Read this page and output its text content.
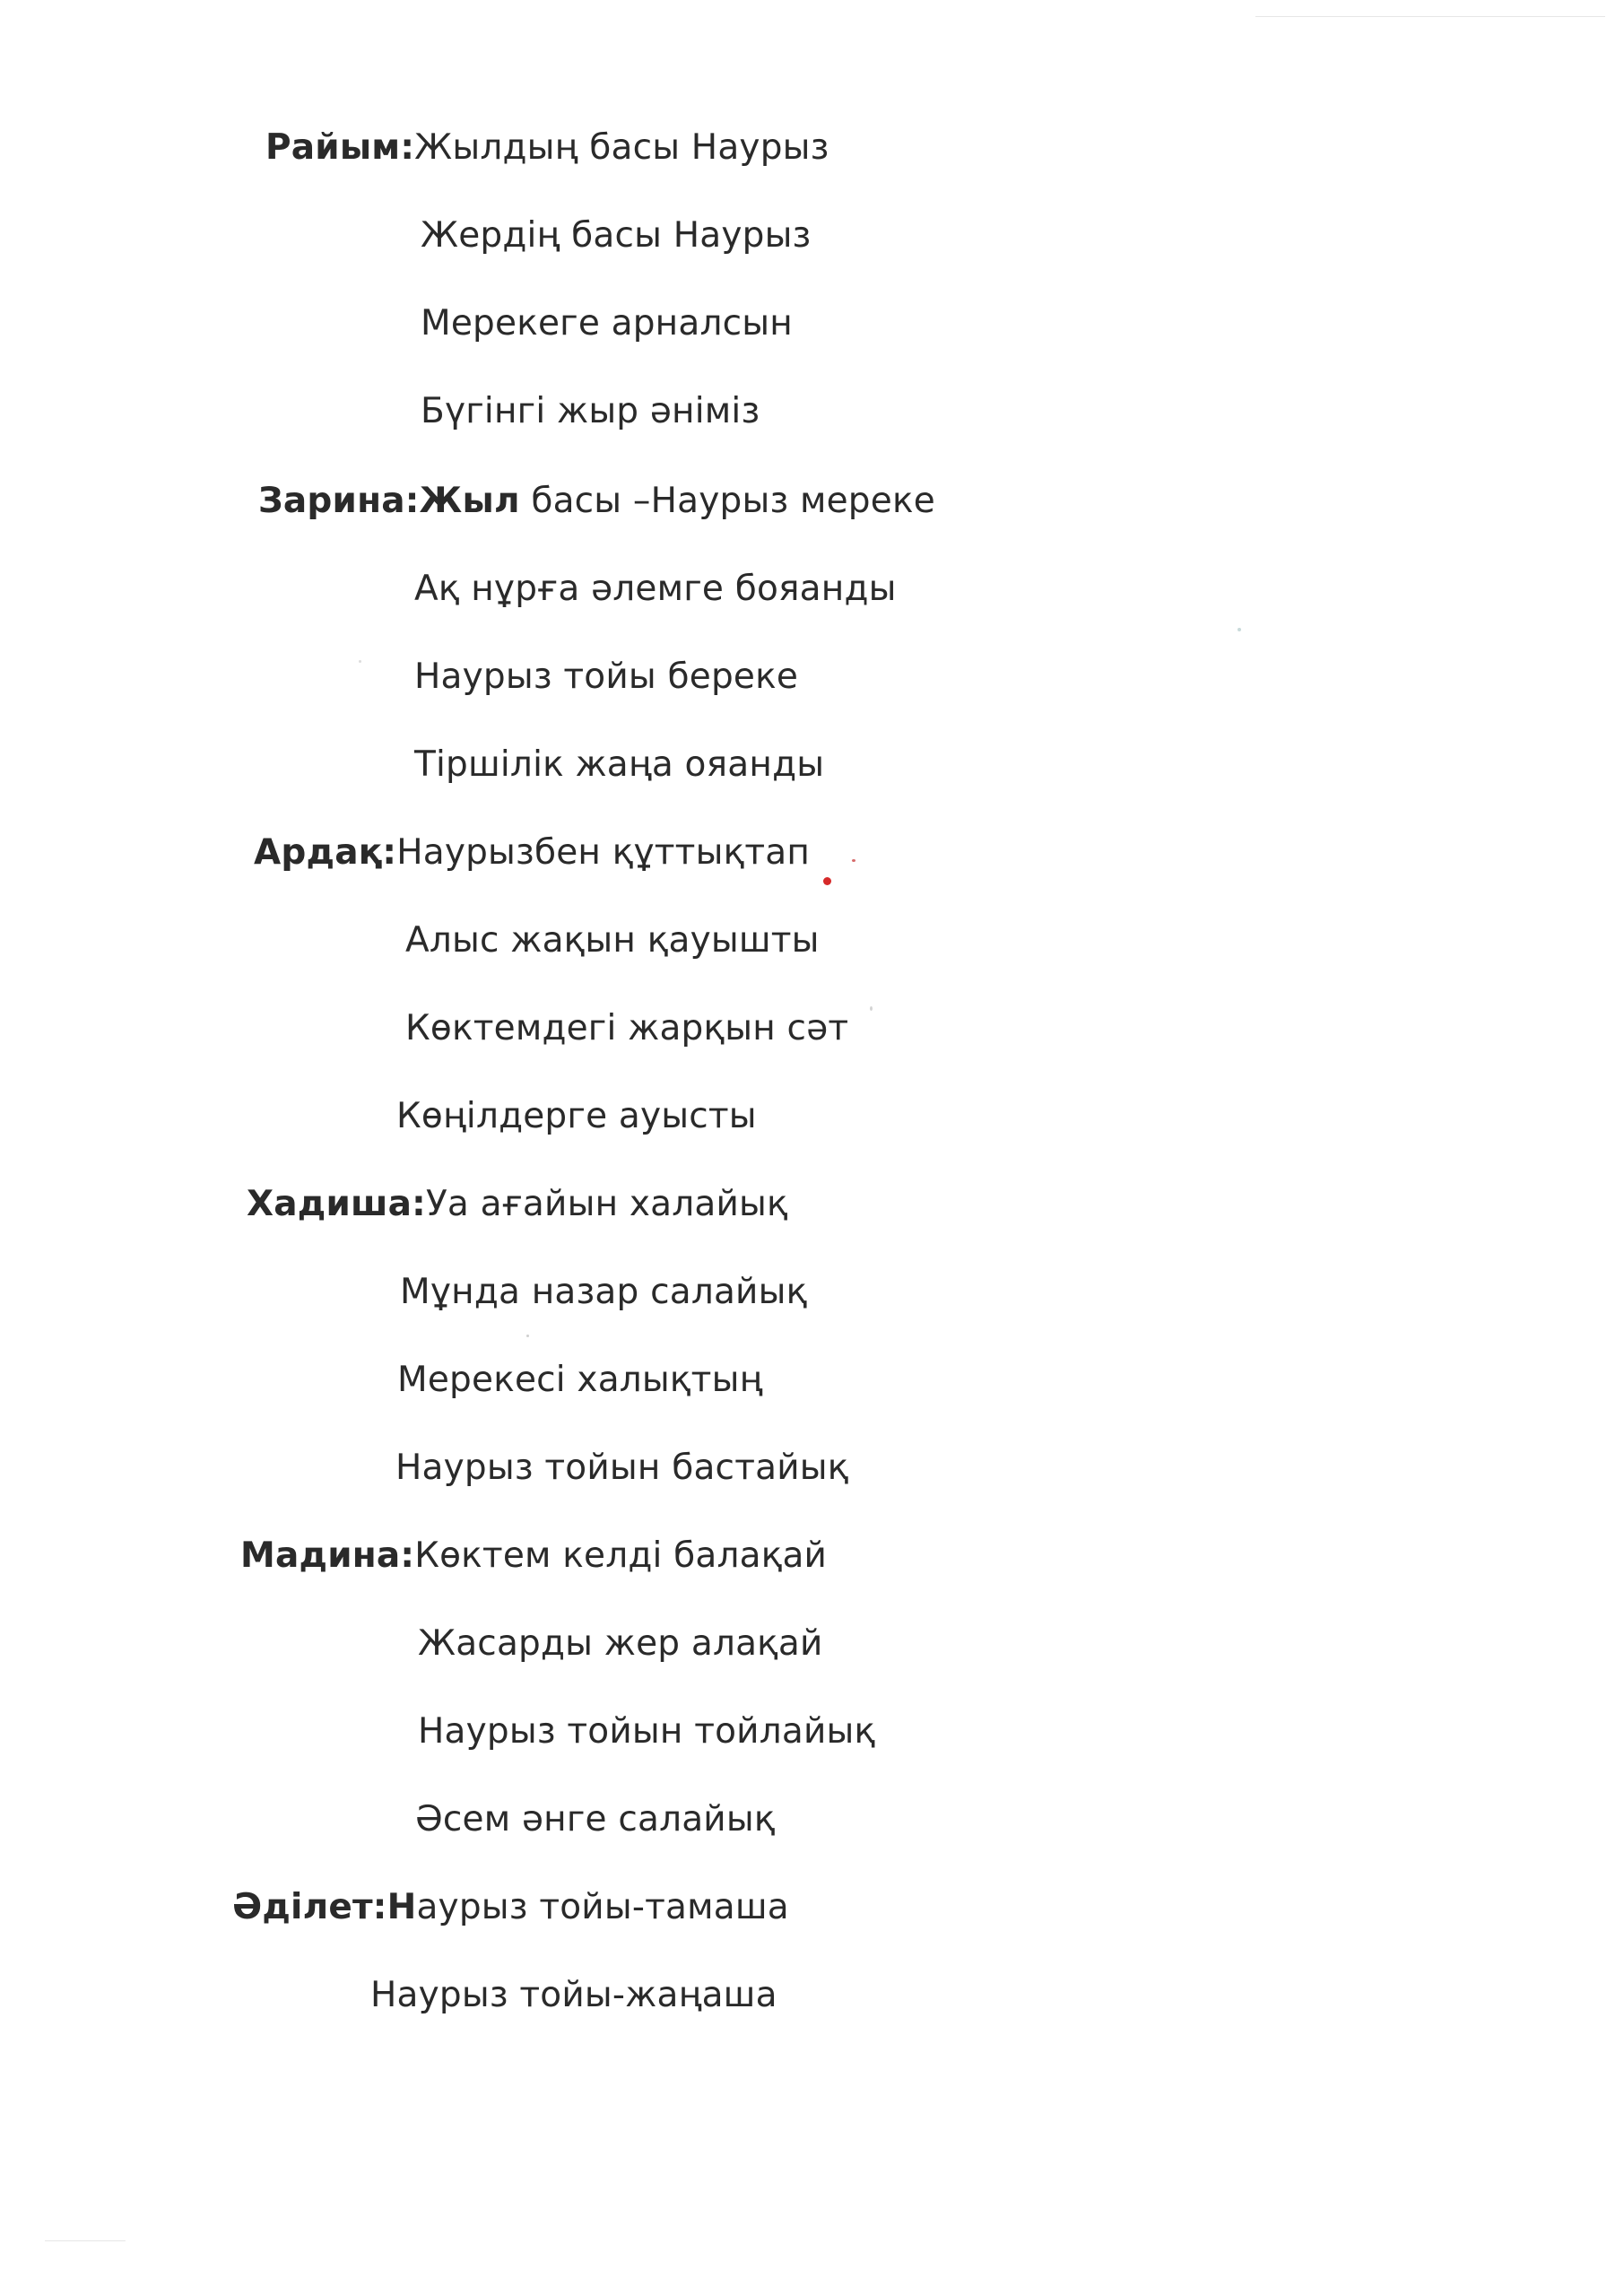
Райым:Жылдың басы Наурыз
Жердің басы Наурыз
Мерекеге арналсын
Бүгінгі жыр әніміз
Зарина:Жыл басы –Наурыз мереке
Ақ нұрға әлемге бояанды
Наурыз тойы береке
Тіршілік жаңа ояанды
Ардақ:Наурызбен құттықтап
Алыс жақын қауышты
Көктемдегі жарқын сәт
Көңілдерге ауысты
Хадиша:Уа ағайын халайық
Мұнда назар салайық
Мерекесі халықтың
Наурыз тойын бастайық
Мадина:Көктем келді балақай
Жасарды жер алақай
Наурыз тойын тойлайық
Әсем әнге салайық
Әділет:Наурыз тойы-тамаша
Наурыз тойы-жаңаша
